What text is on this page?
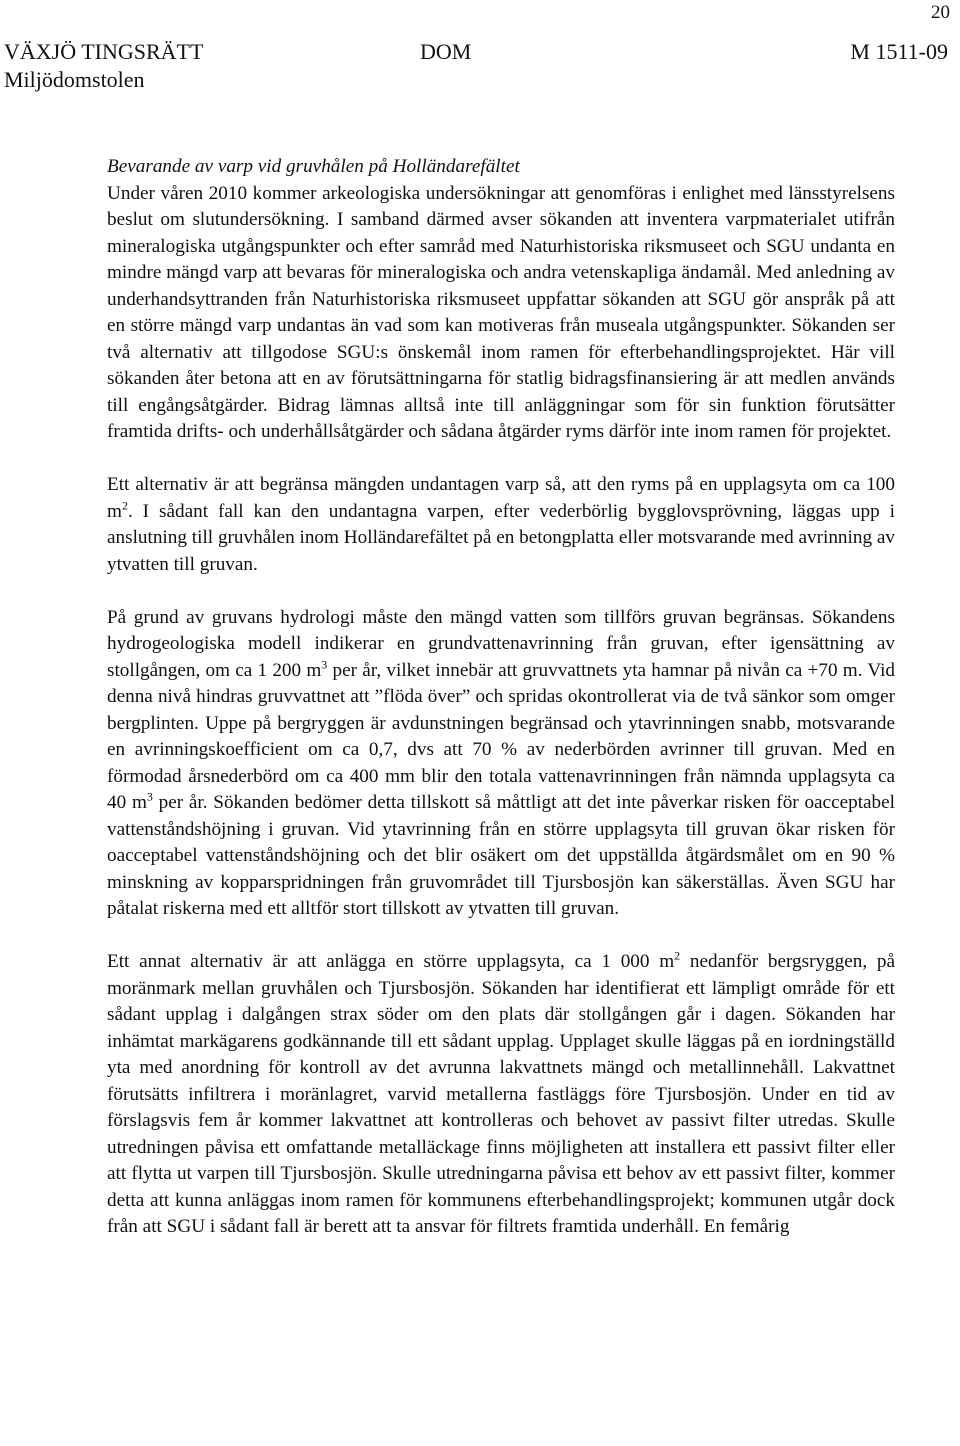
20
VÄXJÖ TINGSRÄTT
Miljödomstolen
DOM	M 1511-09

Bevarande av varp vid gruvhålen på Holländarefältet
Under våren 2010 kommer arkeologiska undersökningar att genomföras i enlighet med länsstyrelsens beslut om slutundersökning. I samband därmed avser sökanden att inventera varpmaterialet utifrån mineralogiska utgångspunkter och efter samråd med Naturhistoriska riksmuseet och SGU undanta en mindre mängd varp att bevaras för mineralogiska och andra vetenskapliga ändamål. Med anledning av underhandsyttranden från Naturhistoriska riksmuseet uppfattar sökanden att SGU gör anspråk på att en större mängd varp undantas än vad som kan motiveras från museala utgångspunkter. Sökanden ser två alternativ att tillgodose SGU:s önskemål inom ramen för efterbehandlingsprojektet. Här vill sökanden åter betona att en av förutsättningarna för statlig bidragsfinansiering är att medlen används till engångsåtgärder. Bidrag lämnas alltså inte till anläggningar som för sin funktion förutsätter framtida drifts- och underhållsåtgärder och sådana åtgärder ryms därför inte inom ramen för projektet.

Ett alternativ är att begränsa mängden undantagen varp så, att den ryms på en upplagsyta om ca 100 $m^2$. I sådant fall kan den undantagna varpen, efter vederbörlig bygglovsprövning, läggas upp i anslutning till gruvhålen inom Holländarefältet på en betongplatta eller motsvarande med avrinning av ytvatten till gruvan.

På grund av gruvans hydrologi måste den mängd vatten som tillförs gruvan begränsas. Sökandens hydrogeologiska modell indikerar en grundvattenavrinning från gruvan, efter igensättning av stollgången, om ca 1 200 $m^3$ per år, vilket innebär att gruvvattnets yta hamnar på nivån ca +70 m. Vid denna nivå hindras gruvvattnet att ”flöda över” och spridas okontrollerat via de två sänkor som omger bergplinten. Uppe på bergryggen är avdunstningen begränsad och ytavrinningen snabb, motsvarande en avrinningskoefficient om ca 0,7, dvs att 70 % av nederbörden avrinner till gruvan. Med en förmodad årsnederbörd om ca 400 mm blir den totala vattenavrinningen från nämnda upplagsyta ca 40 $m^3$ per år. Sökanden bedömer detta tillskott så måttligt att det inte påverkar risken för oacceptabel vattenståndshöjning i gruvan. Vid ytavrinning från en större upplagsyta till gruvan ökar risken för oacceptabel vattenståndshöjning och det blir osäkert om det uppställda åtgärdsmålet om en 90 % minskning av kopparspridningen från gruvområdet till Tjursbosjön kan säkerställas. Även SGU har påtalat riskerna med ett alltför stort tillskott av ytvatten till gruvan.

Ett annat alternativ är att anlägga en större upplagsyta, ca 1 000 $m^2$ nedanför bergsryggen, på moränmark mellan gruvhålen och Tjursbosjön. Sökanden har identifierat ett lämpligt område för ett sådant upplag i dalgången strax söder om den plats där stollgången går i dagen. Sökanden har inhämtat markägarens godkännande till ett sådant upplag. Upplaget skulle läggas på en iordningställd yta med anordning för kontroll av det avrunna lakvattnets mängd och metallinnehåll. Lakvattnet förutsätts infiltrera i moränlagret, varvid metallerna fastläggs före Tjursbosjön. Under en tid av förslagsvis fem år kommer lakvattnet att kontrolleras och behovet av passivt filter utredas. Skulle utredningen påvisa ett omfattande metalläckage finns möjligheten att installera ett passivt filter eller att flytta ut varpen till Tjursbosjön. Skulle utredningarna påvisa ett behov av ett passivt filter, kommer detta att kunna anläggas inom ramen för kommunens efterbehandlingsprojekt; kommunen utgår dock från att SGU i sådant fall är berett att ta ansvar för filtrets framtida underhåll. En femårig
